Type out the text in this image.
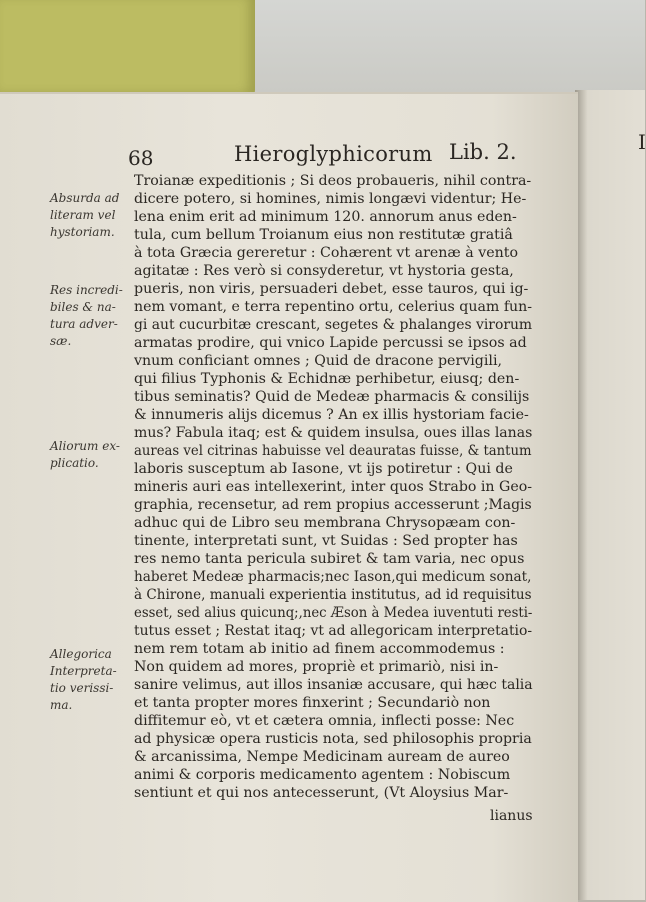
I
68	Hieroglyphicorum Lib. 2.
Absurda ad
literam vel
hystoriam.
Res incredi-
biles & na-
tura adver-
sæ.
Aliorum ex-
plicatio.
Allegorica
Interpreta-
tio verissi-
ma.
Troianæ expeditionis ; Si deos probaueris, nihil contra-
dicere potero, si homines, nimis longævi videntur; He-
lena enim erit ad minimum 120. annorum anus eden-
tula, cum bellum Troianum eius non restitutæ gratiâ
à tota Græcia gereretur : Cohærent vt arenæ à vento
agitatæ : Res verò si consyderetur, vt hystoria gesta,
pueris, non viris, persuaderi debet, esse tauros, qui ig-
nem vomant, e terra repentino ortu, celerius quam fun-
gi aut cucurbitæ crescant, segetes & phalanges virorum
armatas prodire, qui vnico Lapide percussi se ipsos ad
vnum conficiant omnes ; Quid de dracone pervigili,
qui filius Typhonis & Echidnæ perhibetur, eiusq; den-
tibus seminatis? Quid de Medeæ pharmacis & consilijs
& innumeris alijs dicemus ? An ex illis hystoriam facie-
mus? Fabula itaq; est & quidem insulsa, oues illas lanas
aureas vel citrinas habuisse vel deauratas fuisse, & tantum
laboris susceptum ab Iasone, vt ijs potiretur : Qui de
mineris auri eas intellexerint, inter quos Strabo in Geo-
graphia, recensetur, ad rem propius accesserunt ;Magis
adhuc qui de Libro seu membrana Chrysopæam con-
tinente, interpretati sunt, vt Suidas : Sed propter has
res nemo tanta pericula subiret & tam varia, nec opus
haberet Medeæ pharmacis;nec Iason,qui medicum sonat,
à Chirone, manuali experientia institutus, ad id requisitus
esset, sed alius quicunq;,nec Æson à Medea iuventuti resti-
tutus esset ; Restat itaq; vt ad allegoricam interpretatio-
nem rem totam ab initio ad finem accommodemus :
Non quidem ad mores, propriè et primariò, nisi in-
sanire velimus, aut illos insaniæ accusare, qui hæc talia
et tanta propter mores finxerint ; Secundariò non
diffitemur eò, vt et cætera omnia, inflecti posse: Nec
ad physicæ opera rusticis nota, sed philosophis propria
& arcanissima, Nempe Medicinam auream de aureo
animi & corporis medicamento agentem : Nobiscum
sentiunt et qui nos antecesserunt, (Vt Aloysius Mar-
lianus
